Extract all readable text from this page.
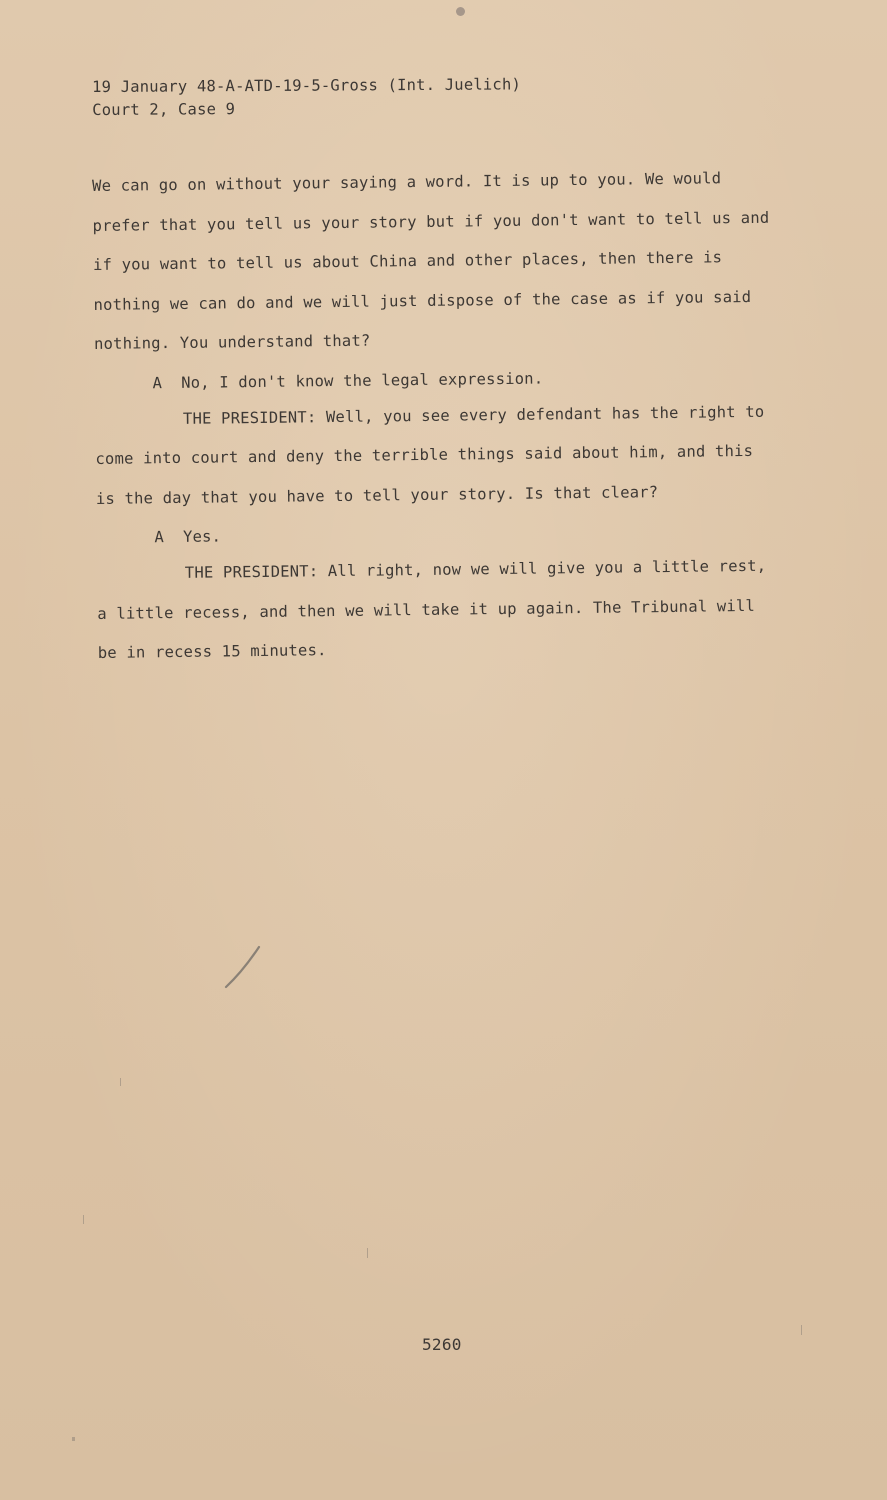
19 January 48-A-ATD-19-5-Gross (Int. Juelich)
Court 2, Case 9
We can go on without your saying a word. It is up to you. We would
prefer that you tell us your story but if you don't want to tell us and
if you want to tell us about China and other places, then there is
nothing we can do and we will just dispose of the case as if you said
nothing. You understand that?
A  No, I don't know the legal expression.
THE PRESIDENT: Well, you see every defendant has the right to
come into court and deny the terrible things said about him, and this
is the day that you have to tell your story. Is that clear?
A  Yes.
THE PRESIDENT: All right, now we will give you a little rest,
a little recess, and then we will take it up again. The Tribunal will
be in recess 15 minutes.
5260
